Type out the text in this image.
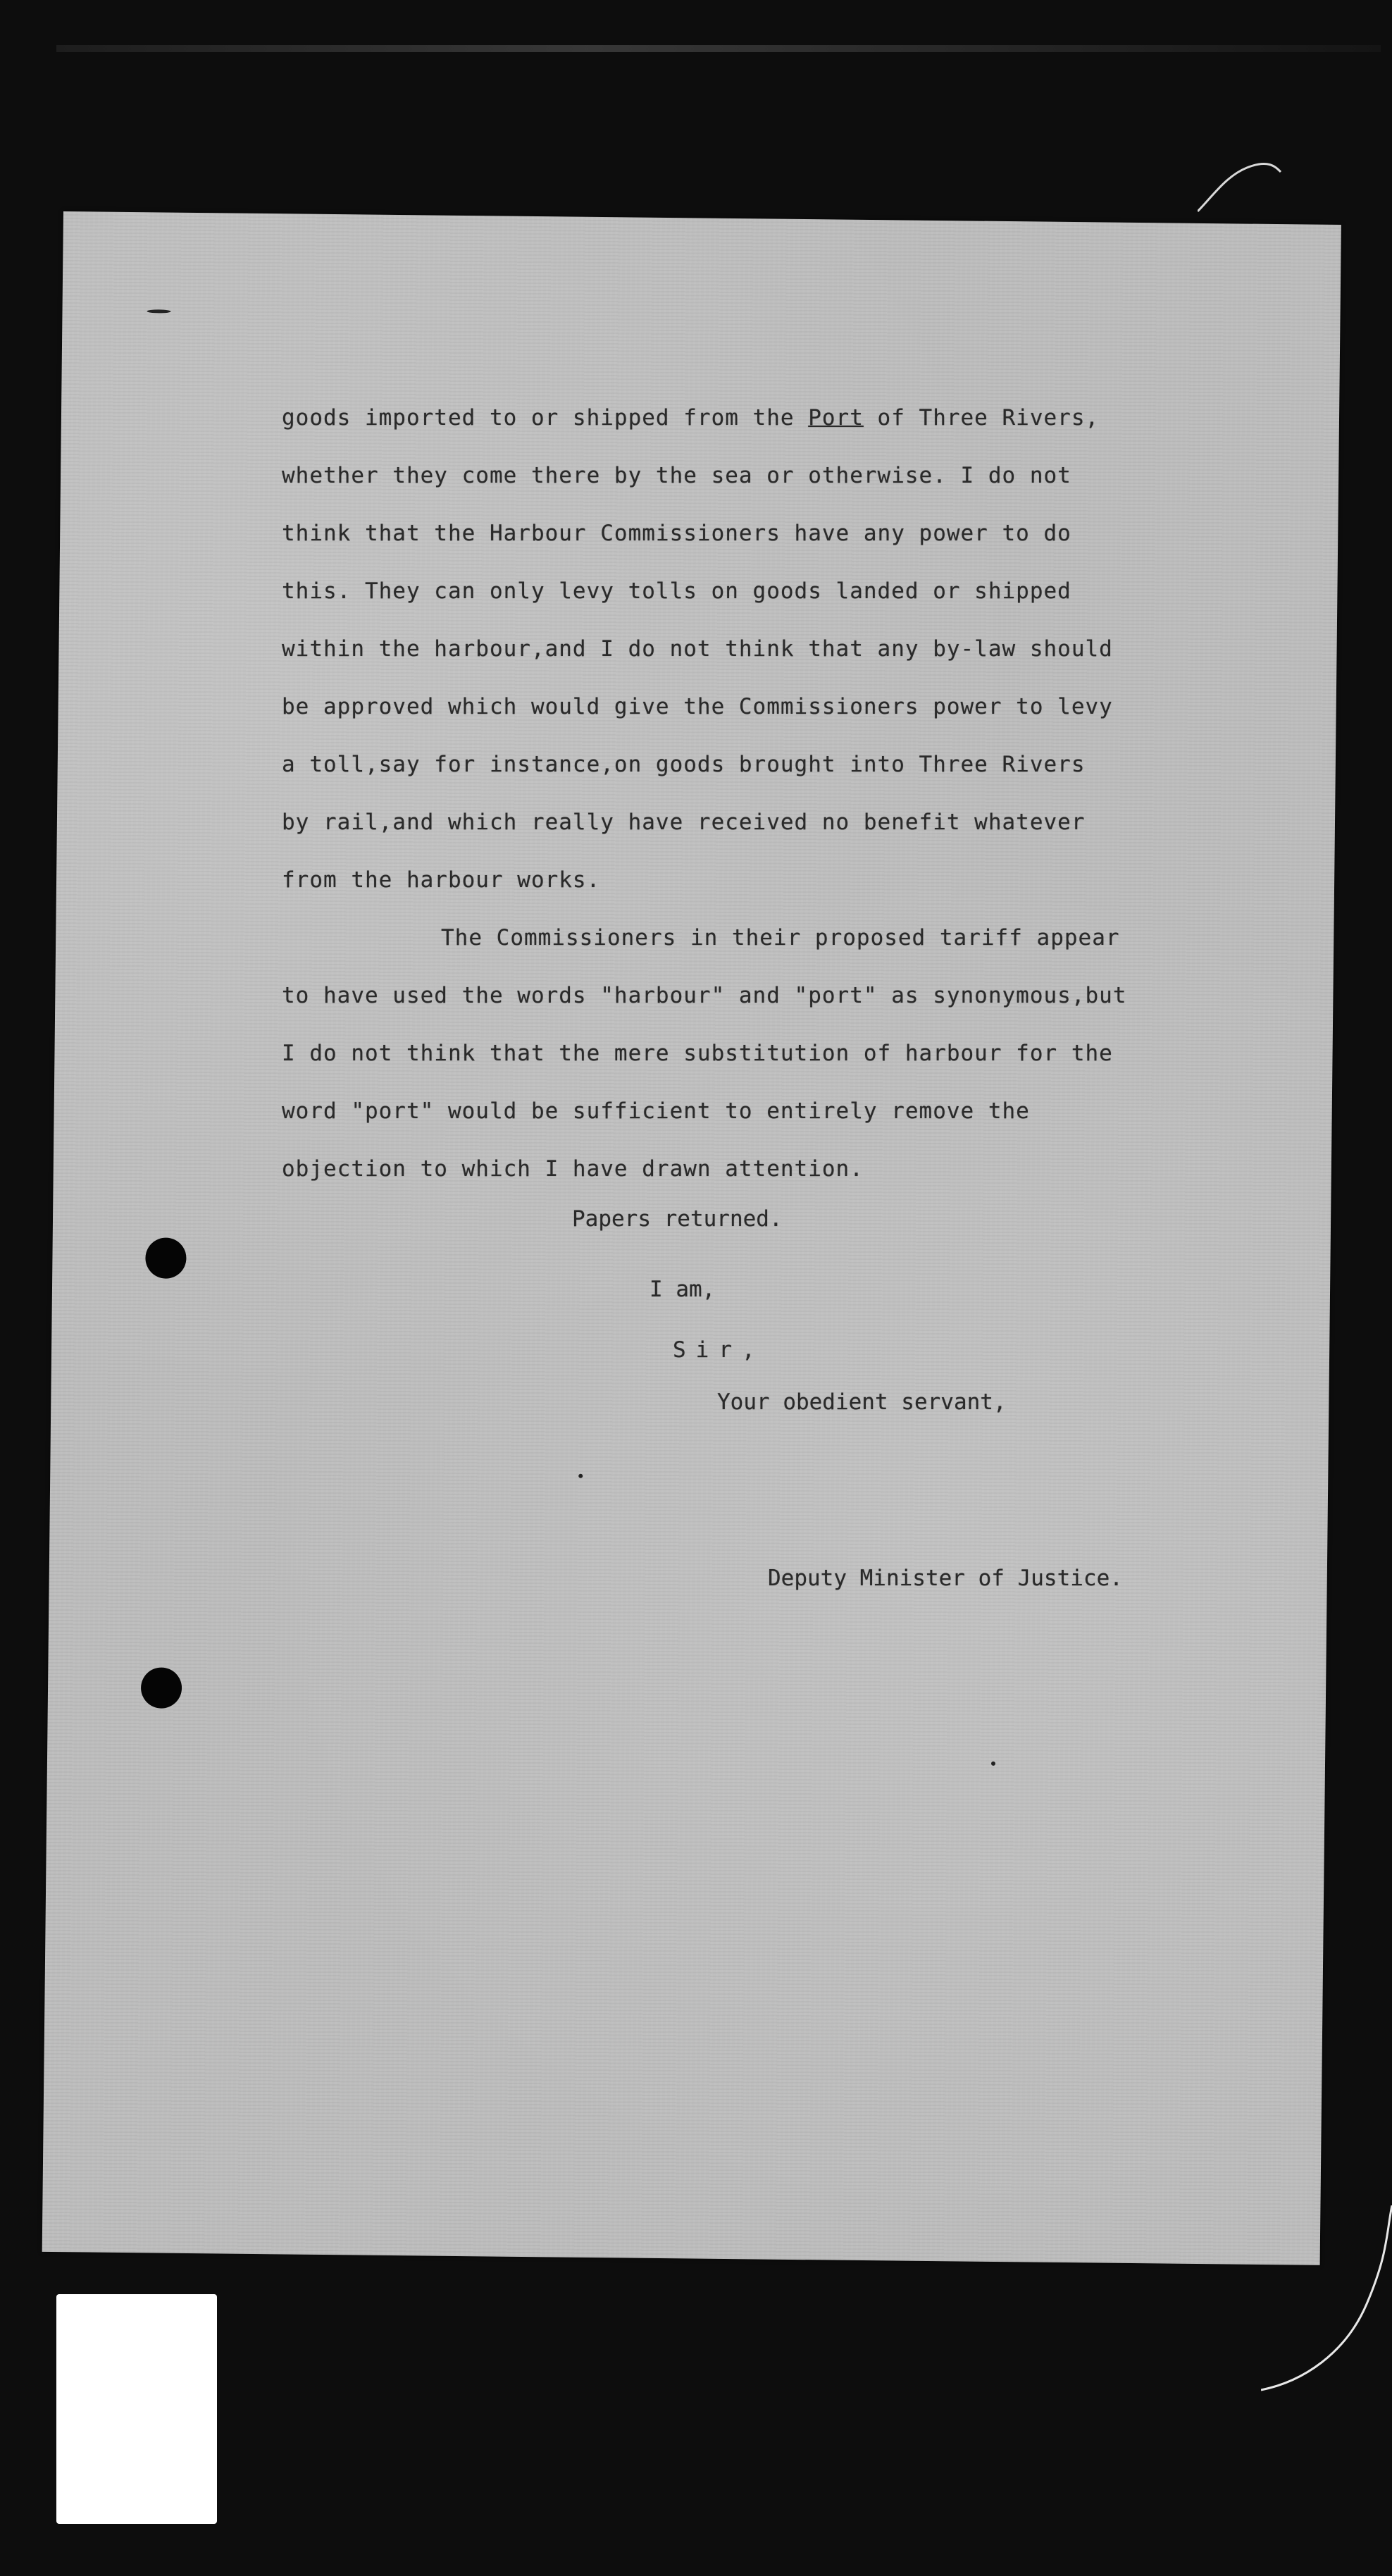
goods imported to or shipped from the Port of Three Rivers,
whether they come there by the sea or otherwise. I do not
think that the Harbour Commissioners have any power to do
this. They can only levy tolls on goods landed or shipped
within the harbour,and I do not think that any by-law should
be approved which would give the Commissioners power to levy
a toll,say for instance,on goods brought into Three Rivers
by rail,and which really have received no benefit whatever
from the harbour works.
The Commissioners in their proposed tariff appear
to have used the words "harbour" and "port" as synonymous,but
I do not think that the mere substitution of harbour for the
word "port" would be sufficient to entirely remove the
objection to which I have drawn attention.
Papers returned.
I am,
Sir,
Your obedient servant,
Deputy Minister of Justice.
